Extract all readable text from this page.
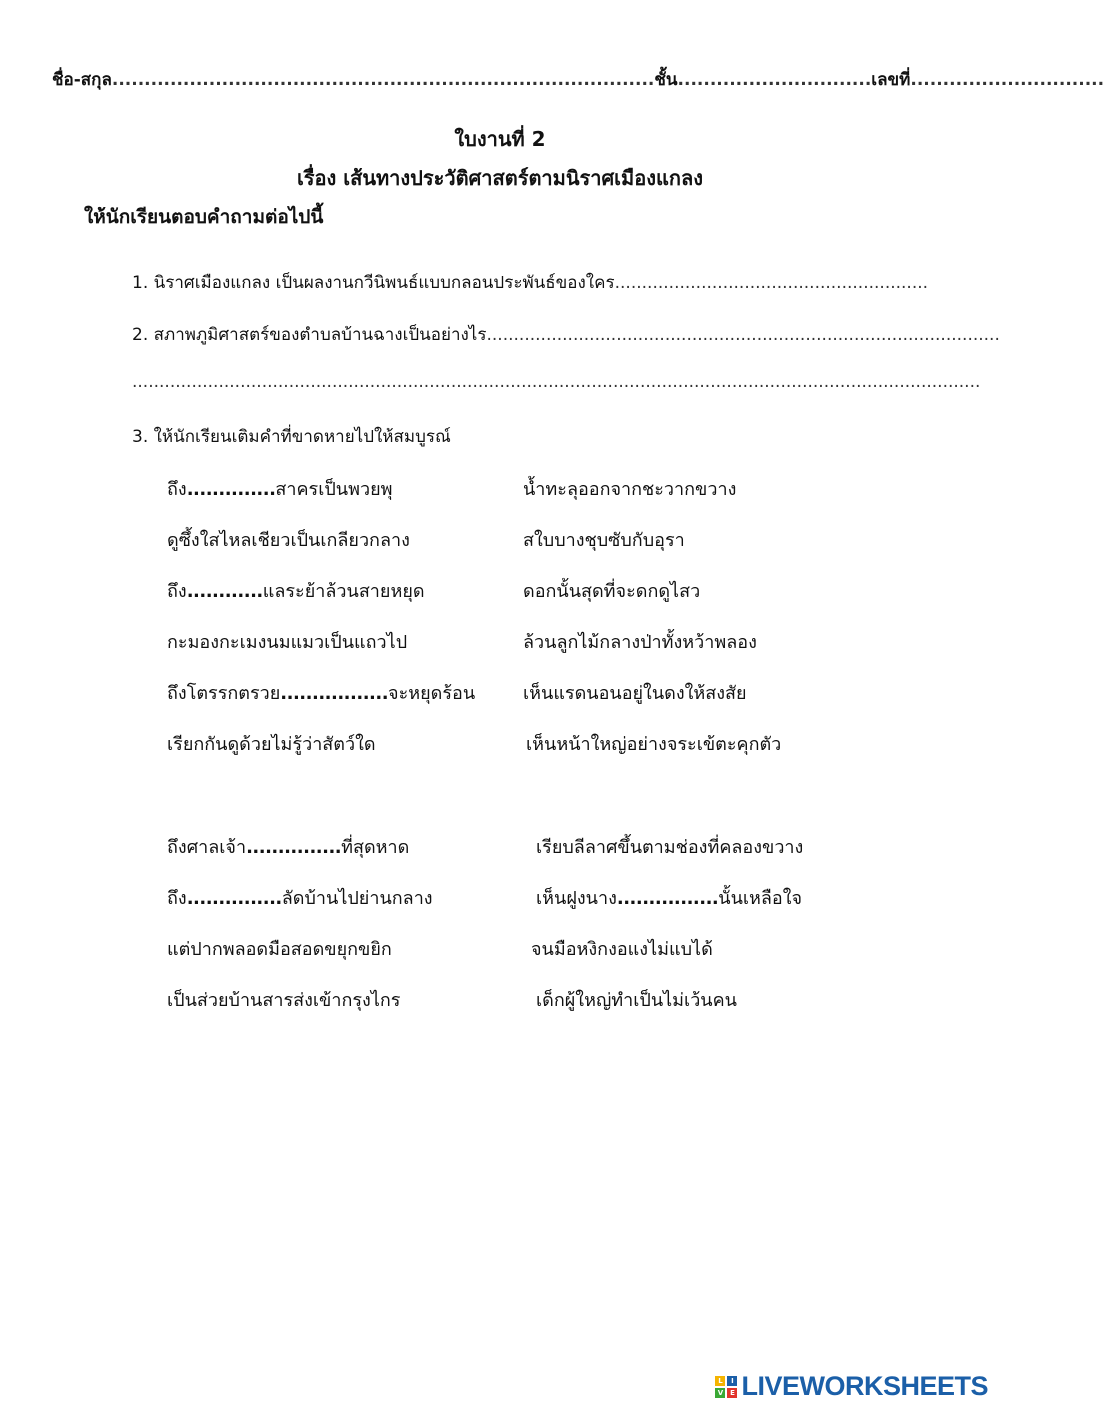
ชื่อ-สกุล....................................................................................ชั้น..............................เลขที่..............................
ใบงานที่ 2
เรื่อง เส้นทางประวัติศาสตร์ตามนิราศเมืองแกลง
ให้นักเรียนตอบคำถามต่อไปนี้
1. นิราศเมืองแกลง เป็นผลงานกวีนิพนธ์แบบกลอนประพันธ์ของใคร..........................................................
2. สภาพภูมิศาสตร์ของตำบลบ้านฉางเป็นอย่างไร...............................................................................................
.............................................................................................................................................................
3. ให้นักเรียนเติมคำที่ขาดหายไปให้สมบูรณ์
ถึง..............สาครเป็นพวยพุ
ดูซึ้งใสไหลเชียวเป็นเกลียวกลาง
ถึง............แลระย้าล้วนสายหยุด
กะมองกะเมงนมแมวเป็นแถวไป
ถึงโตรรกตรวย.................จะหยุดร้อน
เรียกกันดูด้วยไม่รู้ว่าสัตว์ใด
ถึงศาลเจ้า...............ที่สุดหาด
ถึง...............ลัดบ้านไปย่านกลาง
แต่ปากพลอดมือสอดขยุกขยิก
เป็นส่วยบ้านสารส่งเข้ากรุงไกร
น้ำทะลุออกจากชะวากขวาง
สใบบางชุบซับกับอุรา
ดอกนั้นสุดที่จะดกดูไสว
ล้วนลูกไม้กลางป่าทั้งหว้าพลอง
เห็นแรดนอนอยู่ในดงให้สงสัย
เห็นหน้าใหญ่อย่างจระเข้ตะคุกตัว
เรียบลีลาศขึ้นตามช่องที่คลองขวาง
เห็นฝูงนาง................นั้นเหลือใจ
จนมือหงิกงอแงไม่แบได้
เด็กผู้ใหญ่ทำเป็นไม่เว้นคน
L	I
V E LIVEWORKSHEETS
